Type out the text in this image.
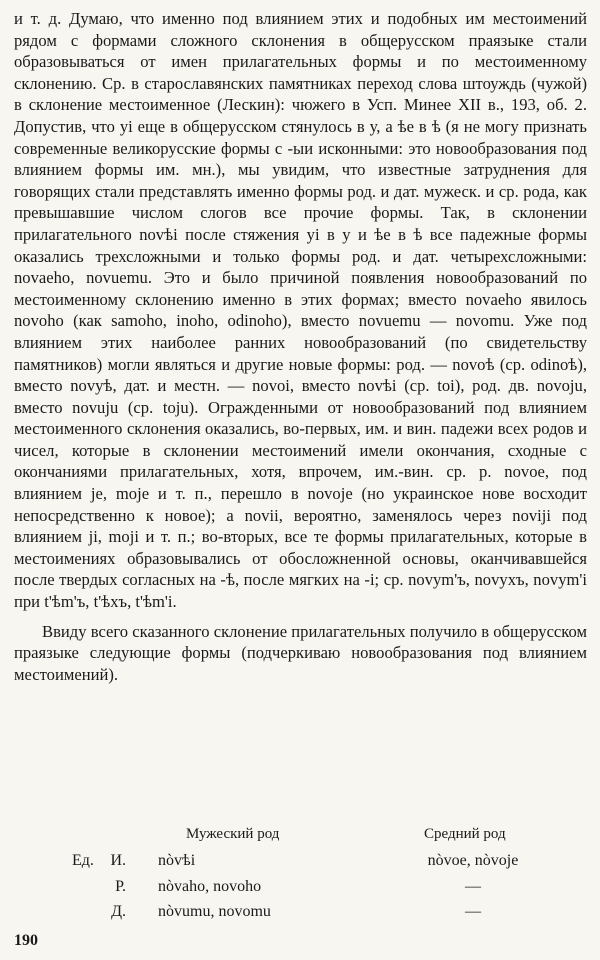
и т. д. Думаю, что именно под влиянием этих и подобных им местоимений рядом с формами сложного склонения в общерусском праязыке стали образовываться от имен прилагательных формы и по местоименному склонению. Ср. в старославянских памятниках переход слова штоуждь (чужой) в склонение местоименное (Лескин): чюжего в Усп. Минее XII в., 193, об. 2. Допустив, что yі еще в общерусском стянулось в у, а ѣе в ѣ (я не могу признать современные великорусские формы с -ыи исконными: это новообразования под влиянием формы им. мн.), мы увидим, что известные затруднения для говорящих стали представлять именно формы род. и дат. мужеск. и ср. рода, как превышавшие числом слогов все прочие формы. Так, в склонении прилагательного novѣі после стяжения yі в у и ѣе в ѣ все падежные формы оказались трехсложными и только формы род. и дат. четырехсложными: novaeho, novuemu. Это и было причиной появления новообразований по местоименному склонению именно в этих формах; вместо novaeho явилось novoho (как samoho, inoho, odinoho), вместо novuemu — novomu. Уже под влиянием этих наиболее ранних новообразований (по свидетельству памятников) могли являться и другие новые формы: род. — novоѣ (ср. odinoѣ), вместо novyѣ, дат. и местн. — novoі, вместо novѣі (ср. toi), род. дв. novoju, вместо novuju (ср. toju). Огражденными от новообразований под влиянием местоименного склонения оказались, во-первых, им. и вин. падежи всех родов и чисел, которые в склонении местоимений имели окончания, сходные с окончаниями прилагательных, хотя, впрочем, им.-вин. ср. р. novoe, под влиянием je, moje и т. п., перешло в novoje (но украинское нове восходит непосредственно к новое); а novii, вероятно, заменялось через noviji под влиянием ji, moji и т. п.; во-вторых, все те формы прилагательных, которые в местоимениях образовывались от обосложненной основы, оканчивавшейся после твердых согласных на -ѣ, после мягких на -і; ср. novym'ъ, novyxъ, novym'i при t'ѣm'ъ, t'ѣxъ, t'ѣm'i.

Ввиду всего сказанного склонение прилагательных получило в общерусском праязыке следующие формы (подчеркиваю новообразования под влиянием местоимений).

Мужеский род	Средний род
Ед. И. nòvѣі	nòvoe, nòvoje
Р. nòvaho, novoho	—
Д. nòvumu, novomu	—
190
